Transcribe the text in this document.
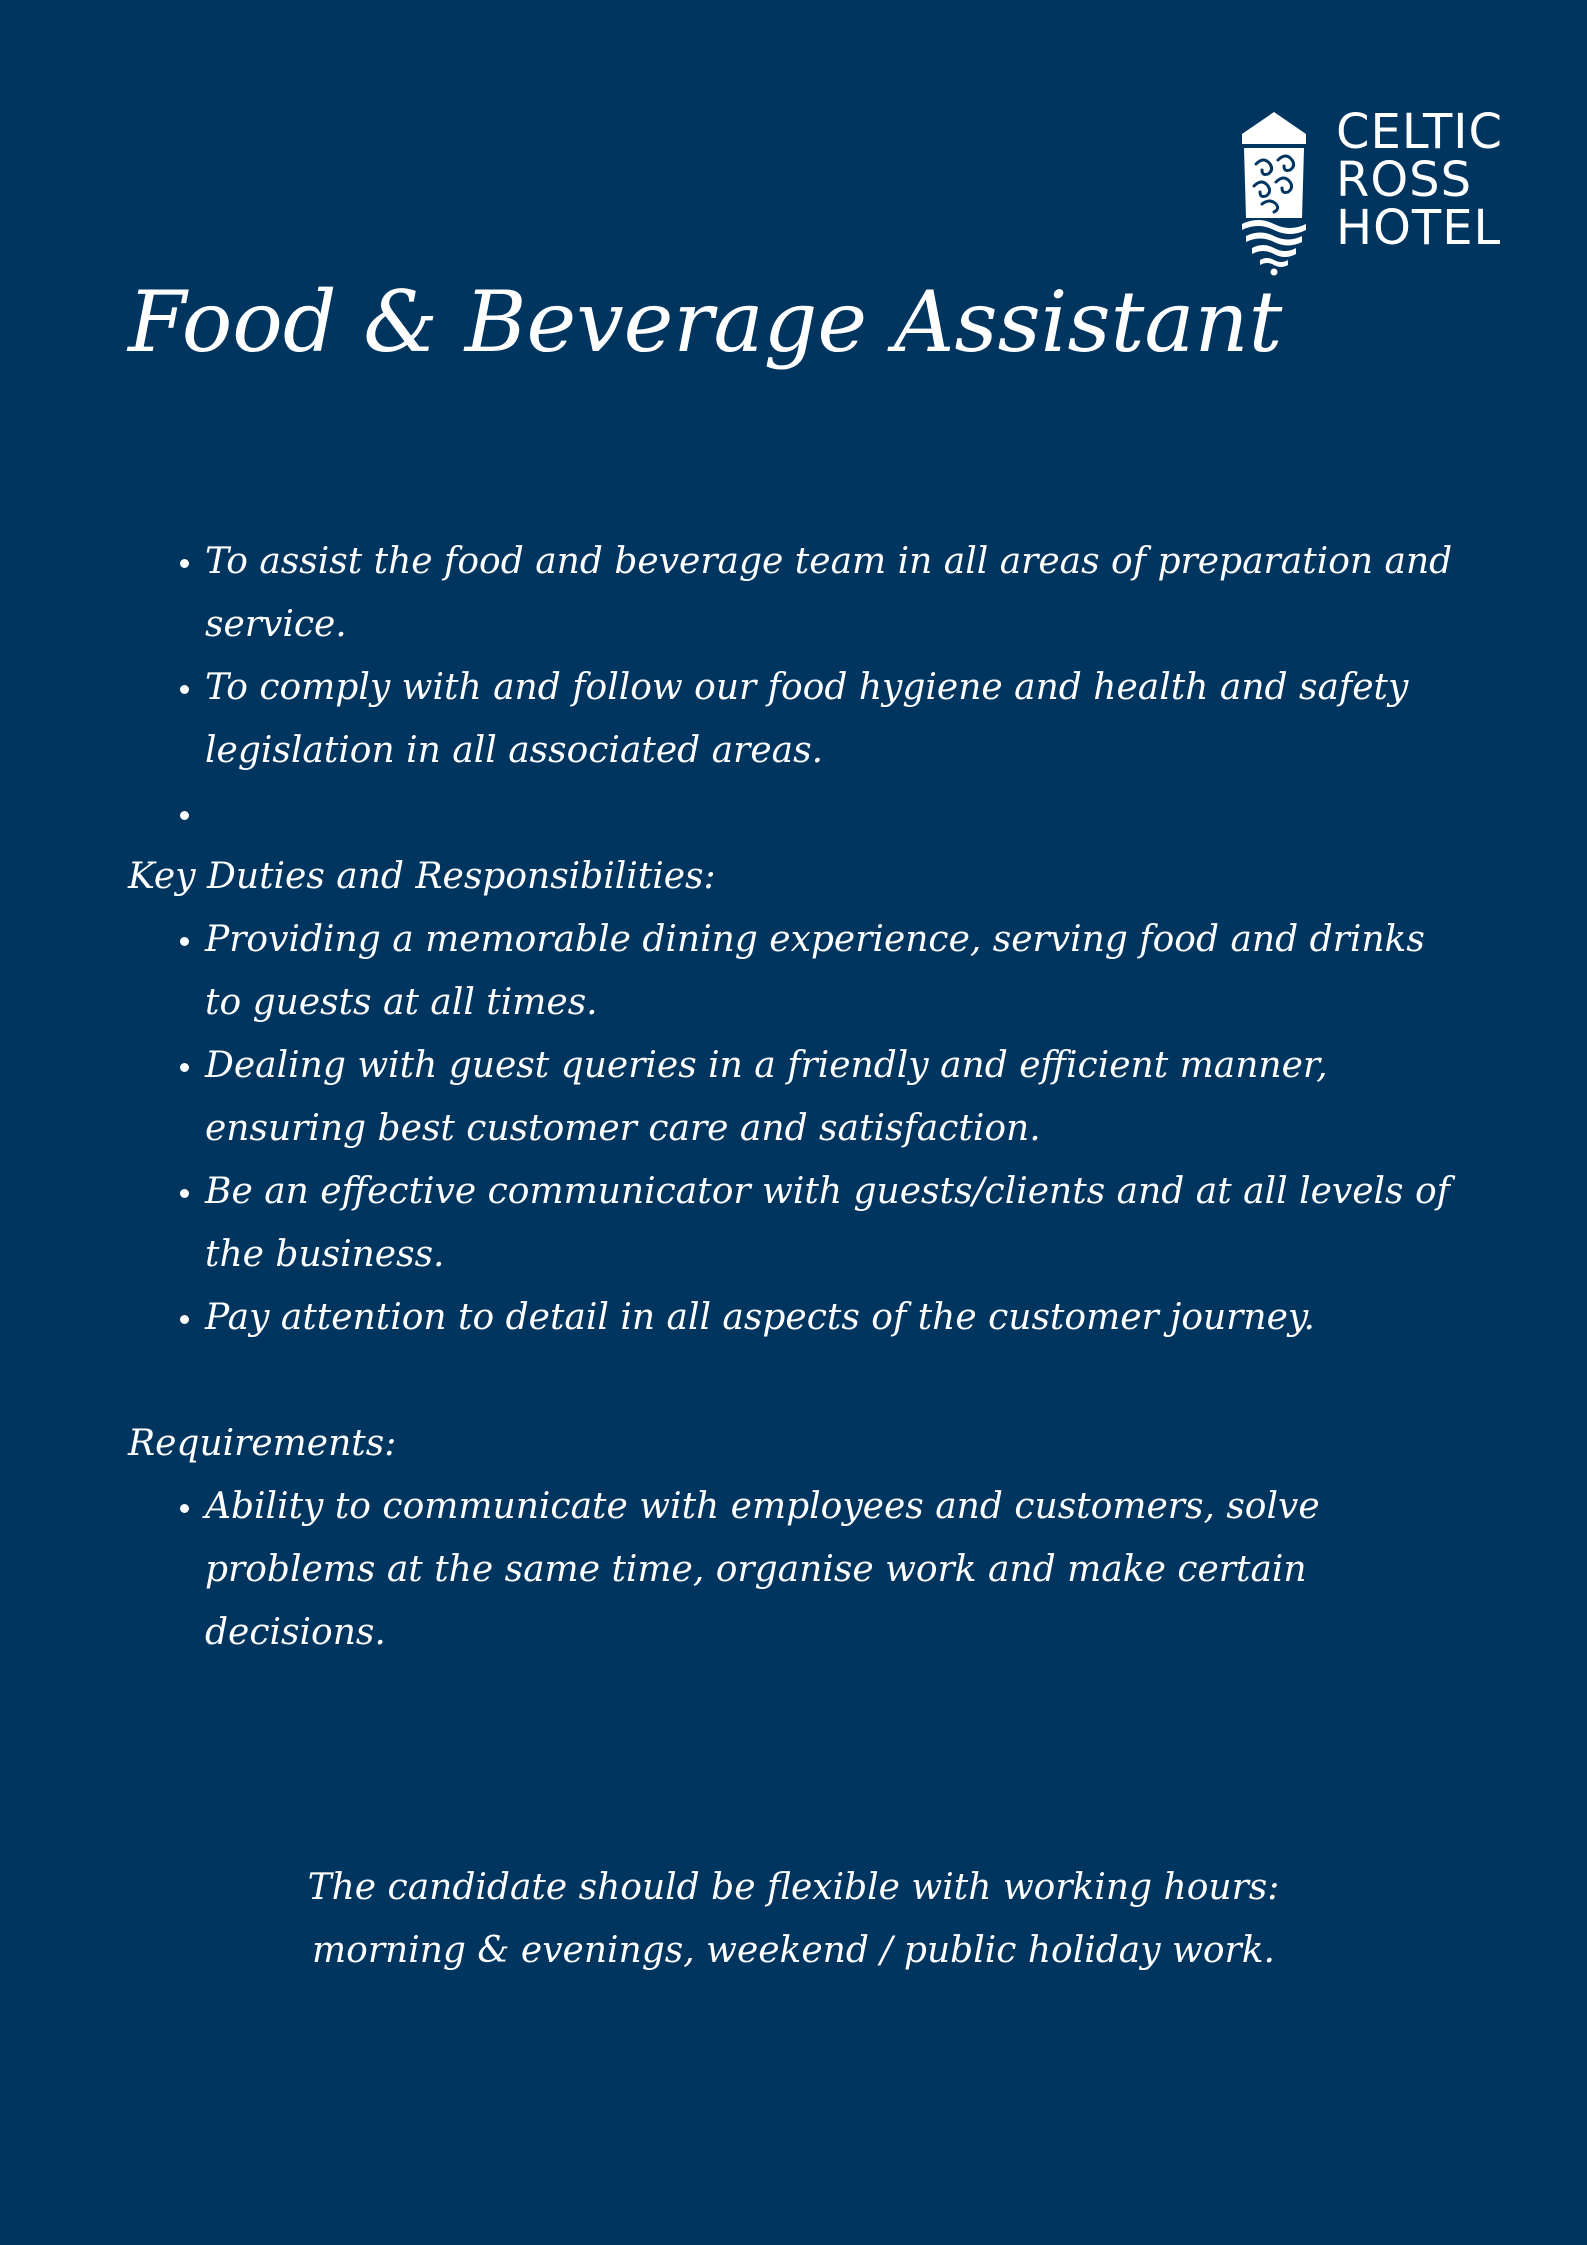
CELTIC
ROSS
HOTEL
Food & Beverage Assistant
• To assist the food and beverage team in all areas of preparation and service.
• To comply with and follow our food hygiene and health and safety legislation in all associated areas.
•
Key Duties and Responsibilities:
• Providing a memorable dining experience, serving food and drinks to guests at all times.
• Dealing with guest queries in a friendly and efficient manner, ensuring best customer care and satisfaction.
• Be an effective communicator with guests/clients and at all levels of the business.
• Pay attention to detail in all aspects of the customer journey.
Requirements:
• Ability to communicate with employees and customers, solve problems at the same time, organise work and make certain decisions.
The candidate should be flexible with working hours:
morning & evenings, weekend / public holiday work.
